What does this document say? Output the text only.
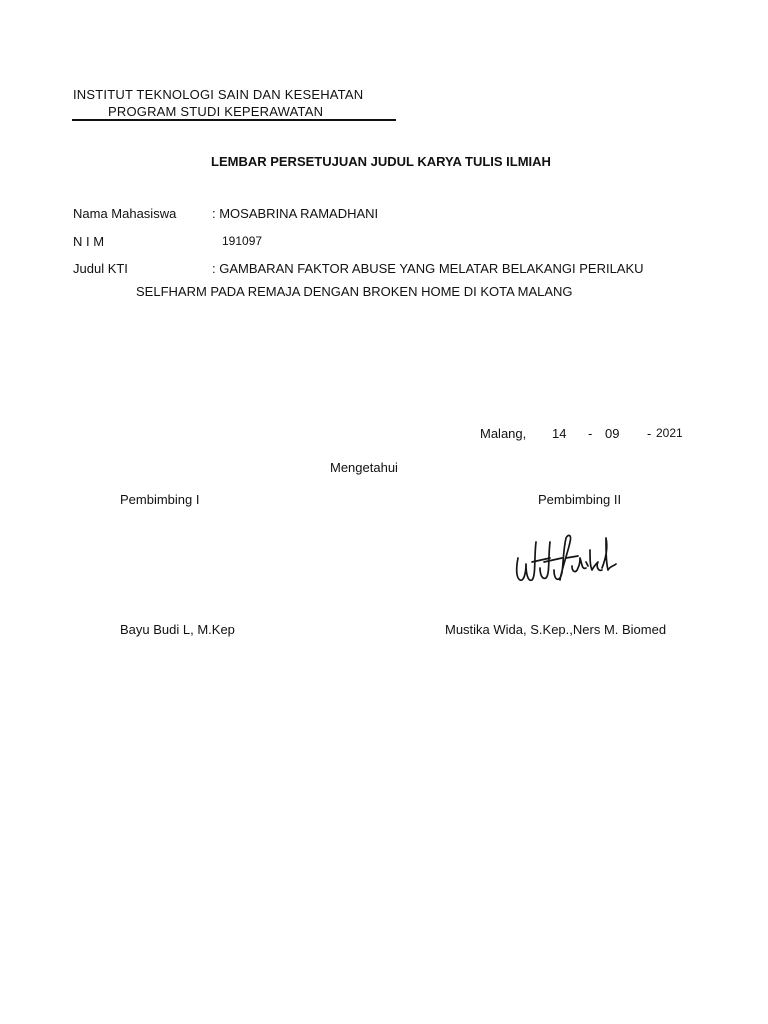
INSTITUT TEKNOLOGI SAIN DAN KESEHATAN
PROGRAM STUDI KEPERAWATAN
LEMBAR PERSETUJUAN JUDUL KARYA TULIS ILMIAH
Nama Mahasiswa	: MOSABRINA RAMADHANI
N I M	191097
Judul KTI	: GAMBARAN FAKTOR ABUSE YANG MELATAR BELAKANGI PERILAKU
SELFHARM PADA REMAJA DENGAN BROKEN HOME DI KOTA MALANG
Malang, 14 - 09 - 2021
Mengetahui
Pembimbing I	Pembimbing II
Bayu Budi L, M.Kep	Mustika Wida, S.Kep.,Ners M. Biomed
